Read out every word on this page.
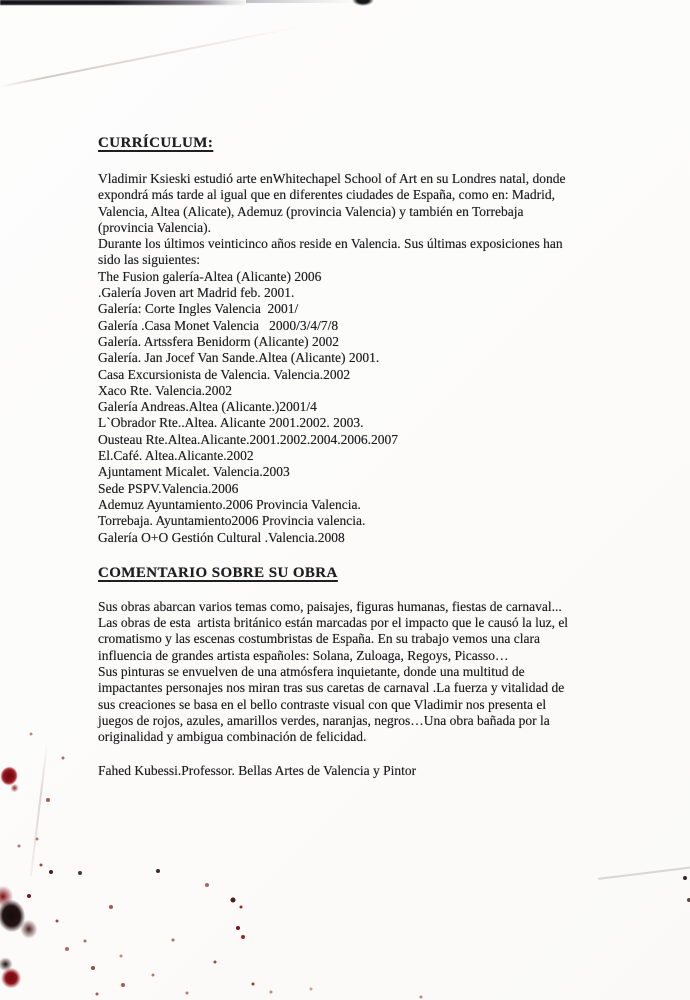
CURRÍCULUM:
Vladimir Ksieski estudió arte enWhitechapel School of Art en su Londres natal, donde
expondrá más tarde al igual que en diferentes ciudades de España, como en: Madrid,
Valencia, Altea (Alicate), Ademuz (provincia Valencia) y también en Torrebaja
(provincia Valencia).
Durante los últimos veinticinco años reside en Valencia. Sus últimas exposiciones han
sido las siguientes:
The Fusion galería-Altea (Alicante) 2006
.Galería Joven art Madrid feb. 2001.
Galería: Corte Ingles Valencia  2001/
Galería .Casa Monet Valencia   2000/3/4/7/8
Galería. Artssfera Benidorm (Alicante) 2002
Galería. Jan Jocef Van Sande.Altea (Alicante) 2001.
Casa Excursionista de Valencia. Valencia.2002
Xaco Rte. Valencia.2002
Galería Andreas.Altea (Alicante.)2001/4
L`Obrador Rte..Altea. Alicante 2001.2002. 2003.
Ousteau Rte.Altea.Alicante.2001.2002.2004.2006.2007
El.Café. Altea.Alicante.2002
Ajuntament Micalet. Valencia.2003
Sede PSPV.Valencia.2006
Ademuz Ayuntamiento.2006 Provincia Valencia.
Torrebaja. Ayuntamiento2006 Provincia valencia.
Galería O+O Gestión Cultural .Valencia.2008
COMENTARIO SOBRE SU OBRA
Sus obras abarcan varios temas como, paisajes, figuras humanas, fiestas de carnaval...
Las obras de esta  artista británico están marcadas por el impacto que le causó la luz, el
cromatismo y las escenas costumbristas de España. En su trabajo vemos una clara
influencia de grandes artista españoles: Solana, Zuloaga, Regoys, Picasso…
Sus pinturas se envuelven de una atmósfera inquietante, donde una multitud de
impactantes personajes nos miran tras sus caretas de carnaval .La fuerza y vitalidad de
sus creaciones se basa en el bello contraste visual con que Vladimir nos presenta el
juegos de rojos, azules, amarillos verdes, naranjas, negros…Una obra bañada por la
originalidad y ambigua combinación de felicidad.
Fahed Kubessi.Professor. Bellas Artes de Valencia y Pintor
